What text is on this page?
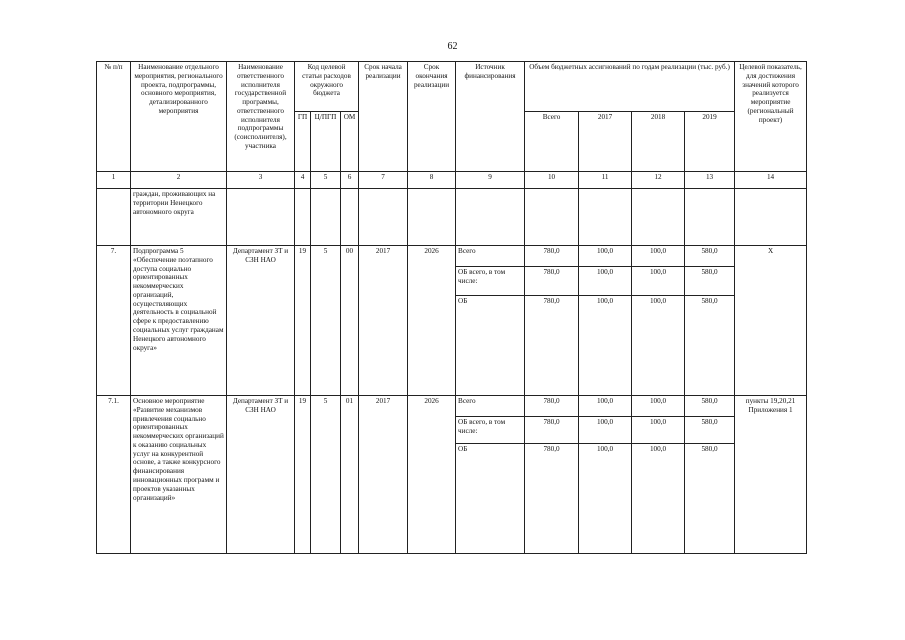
62
№ п/п	Наименование отдельного мероприятия, регионального проекта, подпрограммы, основного мероприятия, детализированного мероприятия	Наименование ответственного исполнителя государственной программы, ответственного исполнителя подпрограммы (соисполнителя), участника	Код целевой статьи расходов окружного бюджета			Срок начала реализации	Срок окончания реализации	Источник финансирования	Объем бюджетных ассигнований по годам реализации (тыс. руб.)				Целевой показатель, для достижения значений которого реализуется мероприятие (региональный проект)
			ГП	Ц/ПГП	ОМ				Всего	2017	2018	2019	
1	2	3	4	5	6	7	8	9	10	11	12	13	14
	граждан, проживающих на территории Ненецкого автономного округа												
7.	Подпрограмма 5 «Обеспечение поэтапного доступа социально ориентированных некоммерческих организаций, осуществляющих деятельность в социальной сфере к предоставлению социальных услуг гражданам Ненецкого автономного округа»	Департамент ЗТ и СЗН НАО	19	5	00	2017	2026	Всего	780,0	100,0	100,0	580,0	Х
								ОБ всего, в том числе:	780,0	100,0	100,0	580,0	
								ОБ	780,0	100,0	100,0	580,0	
7.1.	Основное мероприятие «Развитие механизмов привлечения социально ориентированных некоммерческих организаций к оказанию социальных услуг на конкурентной основе, а также конкурсного финансирования инновационных программ и проектов указанных организаций»	Департамент ЗТ и СЗН НАО	19	5	01	2017	2026	Всего	780,0	100,0	100,0	580,0	пункты 19,20,21 Приложения 1
								ОБ всего, в том числе:	780,0	100,0	100,0	580,0	
								ОБ	780,0	100,0	100,0	580,0	
